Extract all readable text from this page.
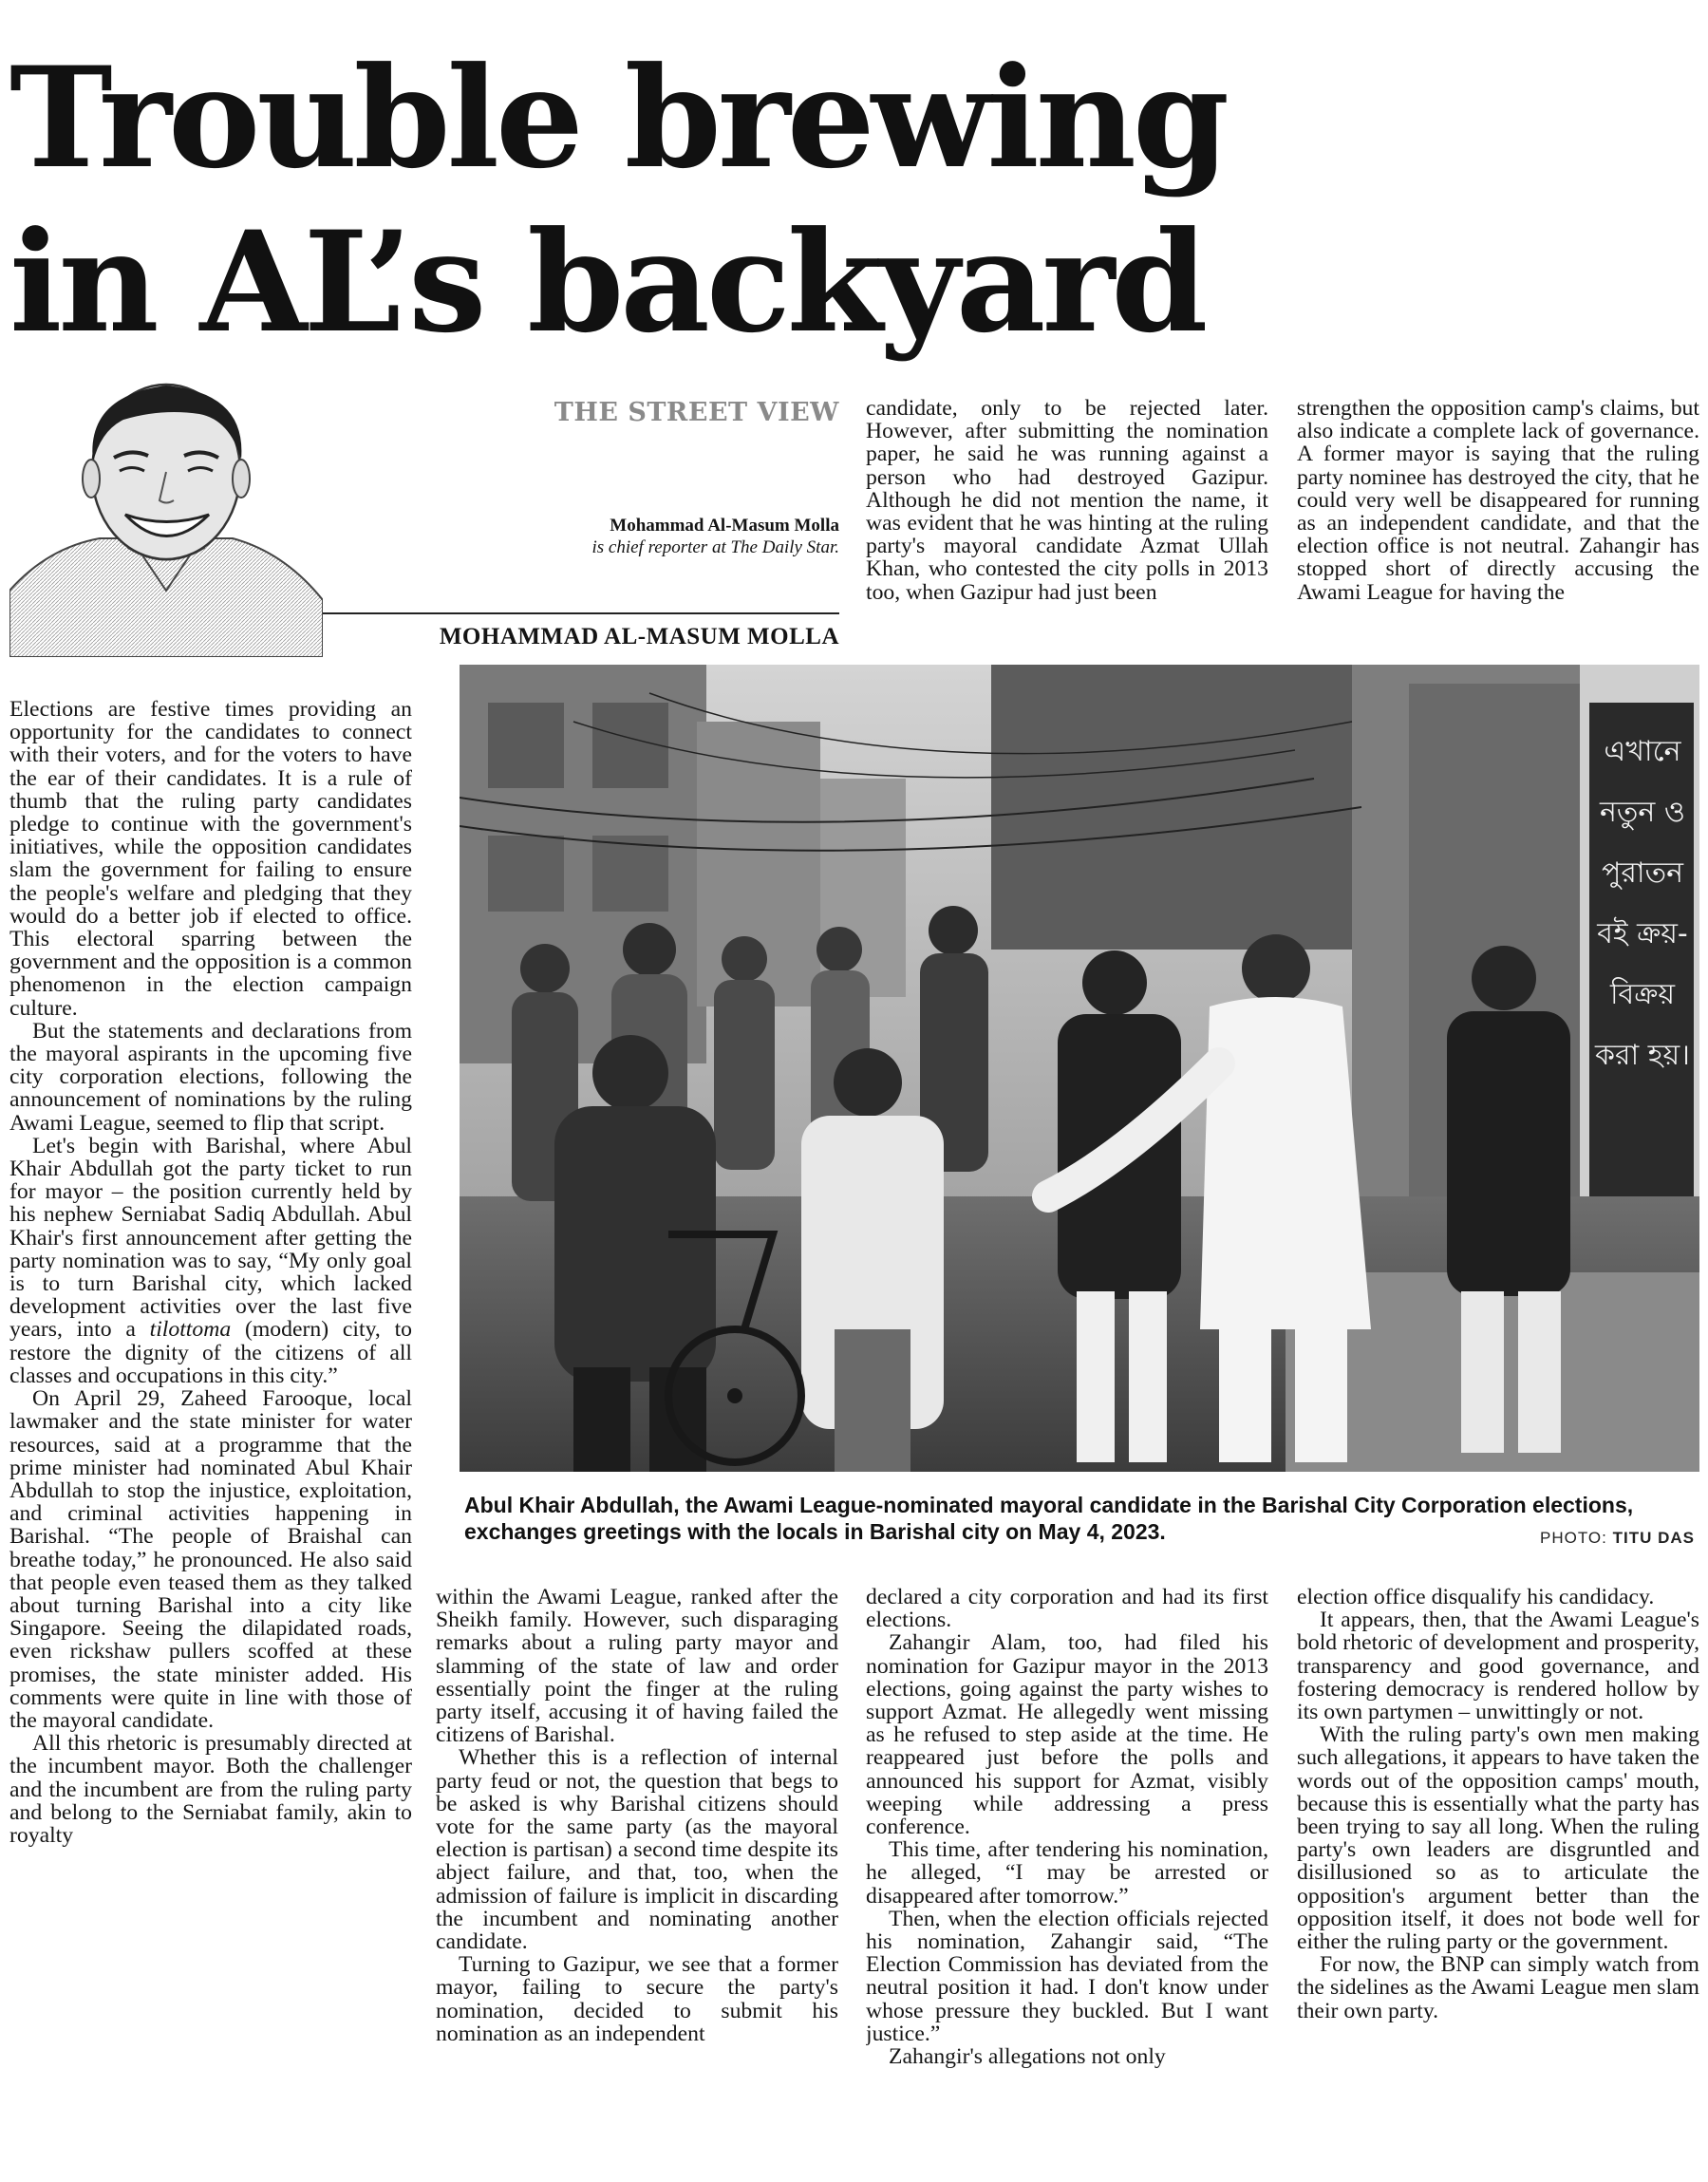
Trouble brewing in AL’s backyard
THE STREET VIEW
Mohammad Al-Masum Molla
is chief reporter at The Daily Star.
MOHAMMAD AL-MASUM MOLLA

candidate, only to be rejected later. However, after submitting the nomination paper, he said he was running against a person who had destroyed Gazipur. Although he did not mention the name, it was evident that he was hinting at the ruling party's mayoral candidate Azmat Ullah Khan, who contested the city polls in 2013 too, when Gazipur had just been

strengthen the opposition camp's claims, but also indicate a complete lack of governance. A former mayor is saying that the ruling party nominee has destroyed the city, that he could very well be disappeared for running as an independent candidate, and that the election office is not neutral. Zahangir has stopped short of directly accusing the Awami League for having the

Elections are festive times providing an opportunity for the candidates to connect with their voters, and for the voters to have the ear of their candidates. It is a rule of thumb that the ruling party candidates pledge to continue with the government's initiatives, while the opposition candidates slam the government for failing to ensure the people's welfare and pledging that they would do a better job if elected to office. This electoral sparring between the government and the opposition is a common phenomenon in the election campaign culture.

But the statements and declarations from the mayoral aspirants in the upcoming five city corporation elections, following the announcement of nominations by the ruling Awami League, seemed to flip that script.

Let's begin with Barishal, where Abul Khair Abdullah got the party ticket to run for mayor – the position currently held by his nephew Serniabat Sadiq Abdullah. Abul Khair's first announcement after getting the party nomination was to say, “My only goal is to turn Barishal city, which lacked development activities over the last five years, into a tilottoma (modern) city, to restore the dignity of the citizens of all classes and occupations in this city.”

On April 29, Zaheed Farooque, local lawmaker and the state minister for water resources, said at a programme that the prime minister had nominated Abul Khair Abdullah to stop the injustice, exploitation, and criminal activities happening in Barishal. “The people of Braishal can breathe today,” he pronounced. He also said that people even teased them as they talked about turning Barishal into a city like Singapore. Seeing the dilapidated roads, even rickshaw pullers scoffed at these promises, the state minister added. His comments were quite in line with those of the mayoral candidate.

All this rhetoric is presumably directed at the incumbent mayor. Both the challenger and the incumbent are from the ruling party and belong to the Serniabat family, akin to royalty

এখানে নতুন ও পুরাতন বই ক্রয়-বিক্রয় করা হয়।
Abul Khair Abdullah, the Awami League-nominated mayoral candidate in the Barishal City Corporation elections, exchanges greetings with the locals in Barishal city on May 4, 2023.	PHOTO: TITU DAS

within the Awami League, ranked after the Sheikh family. However, such disparaging remarks about a ruling party mayor and slamming of the state of law and order essentially point the finger at the ruling party itself, accusing it of having failed the citizens of Barishal.

Whether this is a reflection of internal party feud or not, the question that begs to be asked is why Barishal citizens should vote for the same party (as the mayoral election is partisan) a second time despite its abject failure, and that, too, when the admission of failure is implicit in discarding the incumbent and nominating another candidate.

Turning to Gazipur, we see that a former mayor, failing to secure the party's nomination, decided to submit his nomination as an independent

declared a city corporation and had its first elections.

Zahangir Alam, too, had filed his nomination for Gazipur mayor in the 2013 elections, going against the party wishes to support Azmat. He allegedly went missing as he refused to step aside at the time. He reappeared just before the polls and announced his support for Azmat, visibly weeping while addressing a press conference.

This time, after tendering his nomination, he alleged, “I may be arrested or disappeared after tomorrow.”

Then, when the election officials rejected his nomination, Zahangir said, “The Election Commission has deviated from the neutral position it had. I don't know under whose pressure they buckled. But I want justice.”

Zahangir's allegations not only

election office disqualify his candidacy.

It appears, then, that the Awami League's bold rhetoric of development and prosperity, transparency and good governance, and fostering democracy is rendered hollow by its own partymen – unwittingly or not.

With the ruling party's own men making such allegations, it appears to have taken the words out of the opposition camps' mouth, because this is essentially what the party has been trying to say all long. When the ruling party's own leaders are disgruntled and disillusioned so as to articulate the opposition's argument better than the opposition itself, it does not bode well for either the ruling party or the government.

For now, the BNP can simply watch from the sidelines as the Awami League men slam their own party.
